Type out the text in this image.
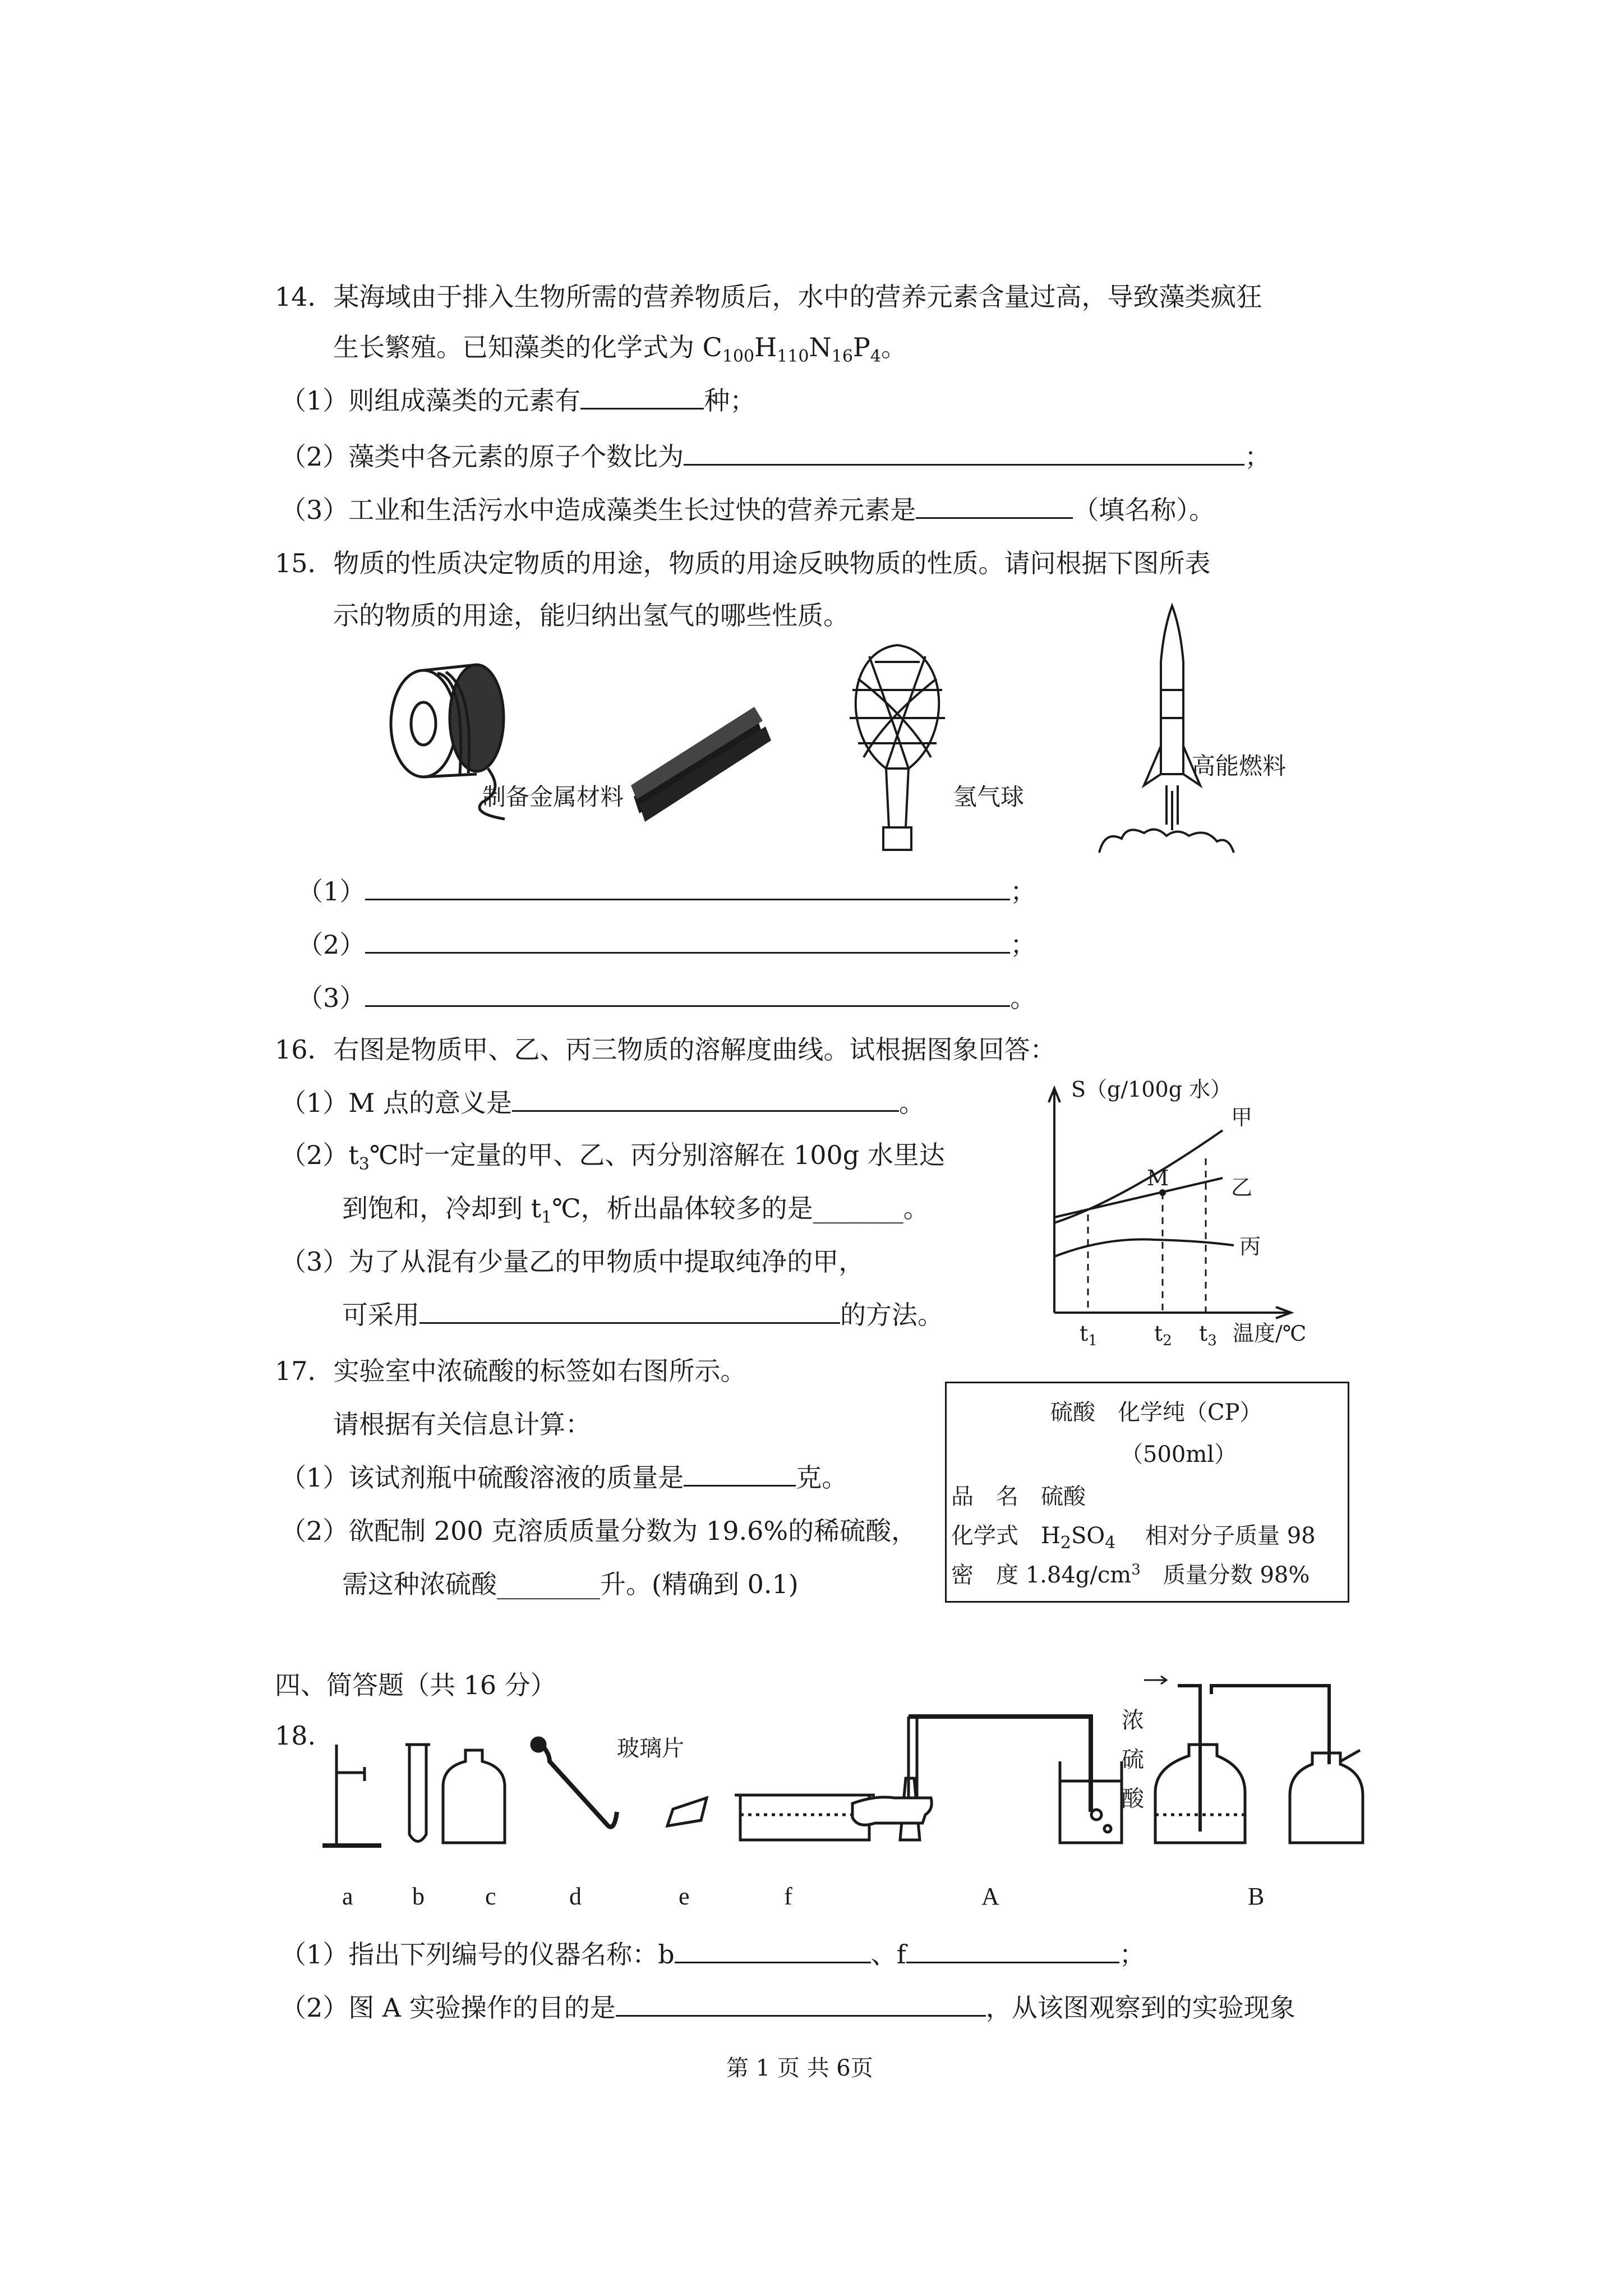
14．某海域由于排入生物所需的营养物质后，水中的营养元素含量过高，导致藻类疯狂
生长繁殖。已知藻类的化学式为 $C_{100}H_{110}N_{16}P_4$。
（1）则组成藻类的元素有	种；
（2）藻类中各元素的原子个数比为	；
（3）工业和生活污水中造成藻类生长过快的营养元素是	（填名称）。
15．物质的性质决定物质的用途，物质的用途反映物质的性质。请问根据下图所表
示的物质的用途，能归纳出氢气的哪些性质。
制备金属材料	氢气球
高能燃料
（1）	；
（2）	；
（3）	。
16．右图是物质甲、乙、丙三物质的溶解度曲线。试根据图象回答：
（1）M 点的意义是	。
$(2)t_3℃$时一定量的甲、乙、丙分别溶解在 100g 水里达
到饱和，冷却到 $t_1℃$，析出晶体较多的是_______。
（3）为了从混有少量乙的甲物质中提取纯净的甲，
可采用	的方法。
S（g/100g 水）
甲
乙
丙
M
$t_1$	$t_2$ $t_3$ 温度/℃
17．实验室中浓硫酸的标签如右图所示。
请根据有关信息计算：
（1）该试剂瓶中硫酸溶液的质量是	克。
（2）欲配制 200 克溶质质量分数为 19.6%的稀硫酸，
需这种浓硫酸________升。(精确到 0.1)
硫酸　化学纯（CP）
（500ml）
品　名　硫酸
化学式　$H_2SO_4$　 相对分子质量 98
密　度 $1.84g/cm^3$　质量分数 98%
四、简答题（共 16 分）
18.	玻璃片
浓
硫
酸
a b c	d	e	f	A	B
（1）指出下列编号的仪器名称：b	、f	；
（2）图 A 实验操作的目的是	，从该图观察到的实验现象
第 1 页 共 6页
